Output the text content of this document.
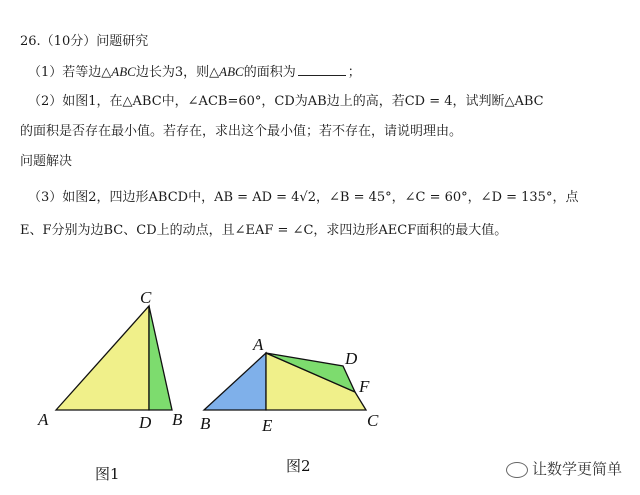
26.（10分）问题研究
（1）若等边△ABC边长为3，则△ABC的面积为	；
（2）如图1，在△ABC中，∠ACB=60°，CD为AB边上的高，若CD = 4，试判断△ABC
的面积是否存在最小值。若存在，求出这个最小值；若不存在，请说明理由。
问题解决
（3）如图2，四边形ABCD中，AB = AD = 4√2，∠B = 45°，∠C = 60°，∠D = 135°，点
E、F分别为边BC、CD上的动点，且∠EAF = ∠C，求四边形AECF面积的最大值。
C
A	D B
图1
A
D
F
B	E	C
图2	让数学更简单
